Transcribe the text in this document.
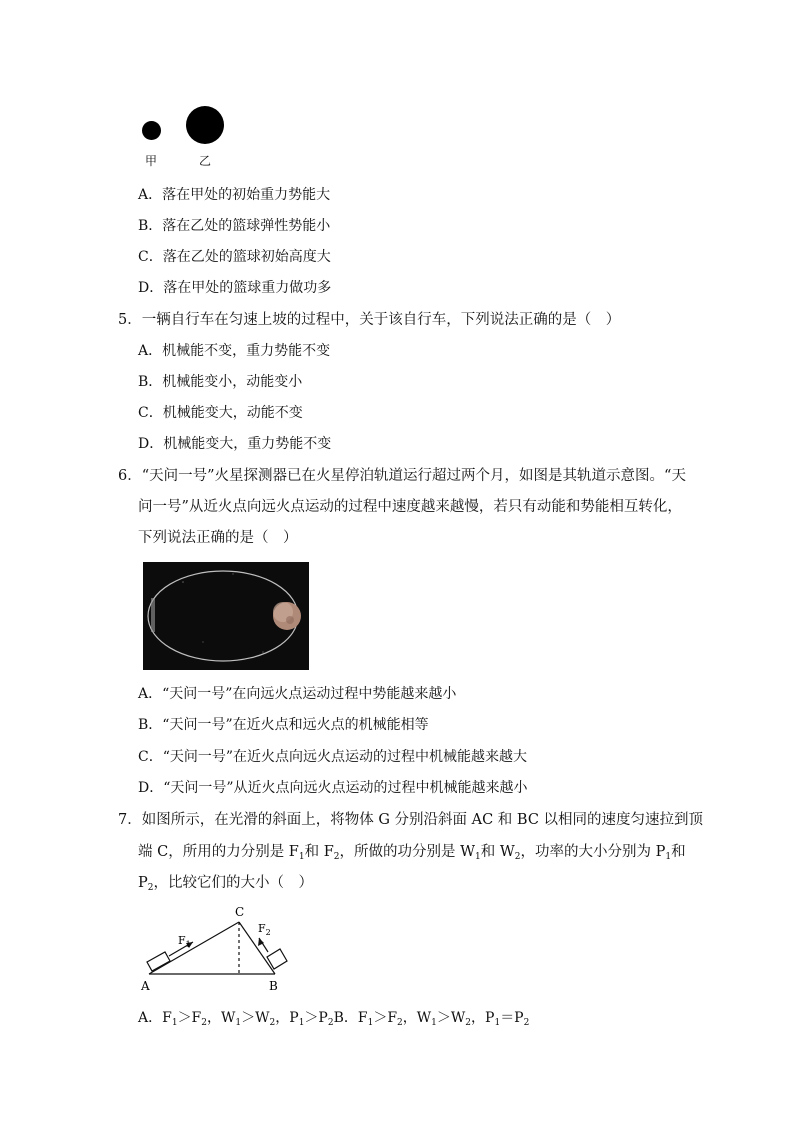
甲	乙
A．落在甲处的初始重力势能大
B．落在乙处的篮球弹性势能小
C．落在乙处的篮球初始高度大
D．落在甲处的篮球重力做功多
5．一辆自行车在匀速上坡的过程中，关于该自行车，下列说法正确的是（　）
A．机械能不变，重力势能不变
B．机械能变小，动能变小
C．机械能变大，动能不变
D．机械能变大，重力势能不变
6．“天问一号”火星探测器已在火星停泊轨道运行超过两个月，如图是其轨道示意图。“天
问一号”从近火点向远火点运动的过程中速度越来越慢，若只有动能和势能相互转化，
下列说法正确的是（　）
A．“天问一号”在向远火点运动过程中势能越来越小
B．“天问一号”在近火点和远火点的机械能相等
C．“天问一号”在近火点向远火点运动的过程中机械能越来越大
D．“天问一号”从近火点向远火点运动的过程中机械能越来越小
7．如图所示，在光滑的斜面上，将物体 G 分别沿斜面 AC 和 BC 以相同的速度匀速拉到顶
端 C，所用的力分别是 $F_1$和 $F_2$，所做的功分别是 $W_1$和 $W_2$，功率的大小分别为 $P_1$和
$P_2$，比较它们的大小（　）
C
A	B
$F_1$
$F_2$
A．$F_1>F_2$，$W_1>W_2$，$P_1>P_2B$．$F_1>F_2$，$W_1>W_2$，$P_1=P_2$
